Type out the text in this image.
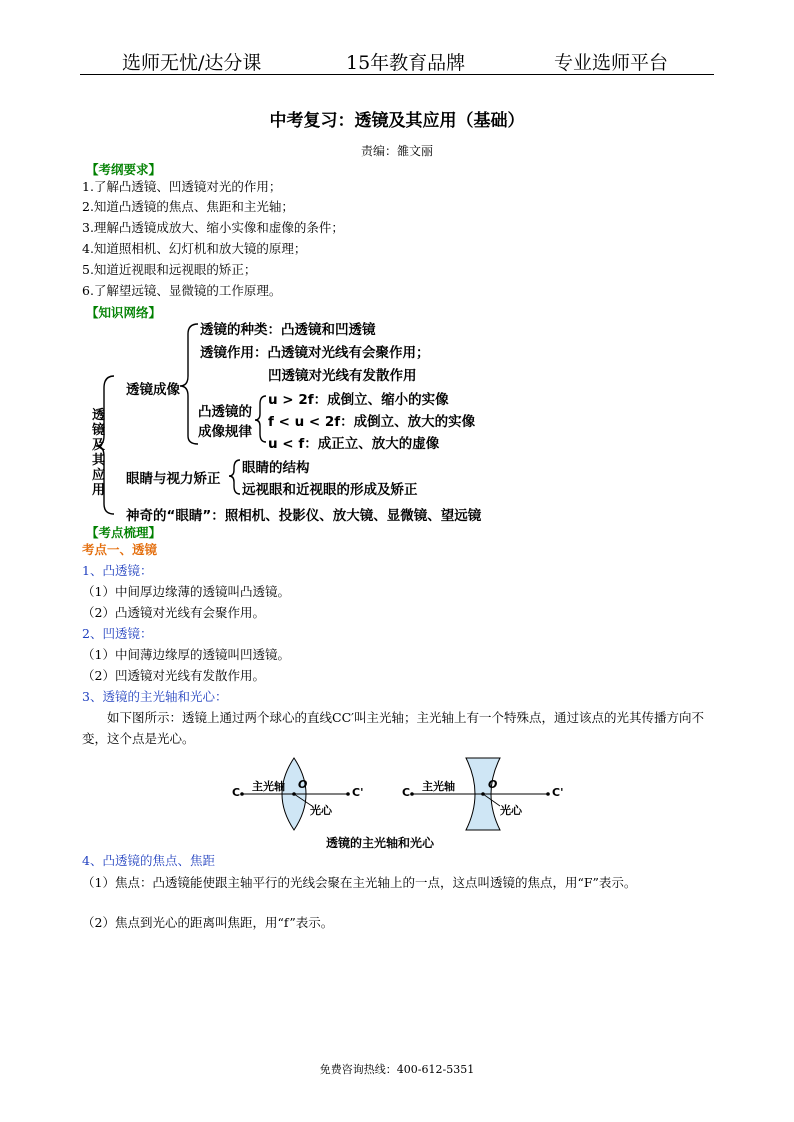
选师无忧/达分课	15年教育品牌	专业选师平台
中考复习：透镜及其应用（基础）
责编：雒文丽
【考纲要求】
1.了解凸透镜、凹透镜对光的作用；
2.知道凸透镜的焦点、焦距和主光轴；
3.理解凸透镜成放大、缩小实像和虚像的条件；
4.知道照相机、幻灯机和放大镜的原理；
5.知道近视眼和远视眼的矫正；
6.了解望远镜、显微镜的工作原理。
【知识网络】
透镜及其应用
透镜成像
透镜的种类：凸透镜和凹透镜
透镜作用：凸透镜对光线有会聚作用；
凹透镜对光线有发散作用
凸透镜的
成像规律
u > 2f：成倒立、缩小的实像
f < u < 2f：成倒立、放大的实像
u < f：成正立、放大的虚像
眼睛与视力矫正
眼睛的结构
远视眼和近视眼的形成及矫正
神奇的“眼睛”：照相机、投影仪、放大镜、显微镜、望远镜
【考点梳理】
考点一、透镜
1、凸透镜：
（1）中间厚边缘薄的透镜叫凸透镜。
（2）凸透镜对光线有会聚作用。
2、凹透镜：
（1）中间薄边缘厚的透镜叫凹透镜。
（2）凹透镜对光线有发散作用。
3、透镜的主光轴和光心：
如下图所示：透镜上通过两个球心的直线CC′叫主光轴；主光轴上有一个特殊点，通过该点的光其传播方向不变，这个点是光心。
C	C'
主光轴 O
光心
C	C'
主光轴	O
光心
透镜的主光轴和光心
4、凸透镜的焦点、焦距
（1）焦点：凸透镜能使跟主轴平行的光线会聚在主光轴上的一点，这点叫透镜的焦点，用“F”表示。
（2）焦点到光心的距离叫焦距，用“f”表示。
免费咨询热线：400-612-5351
